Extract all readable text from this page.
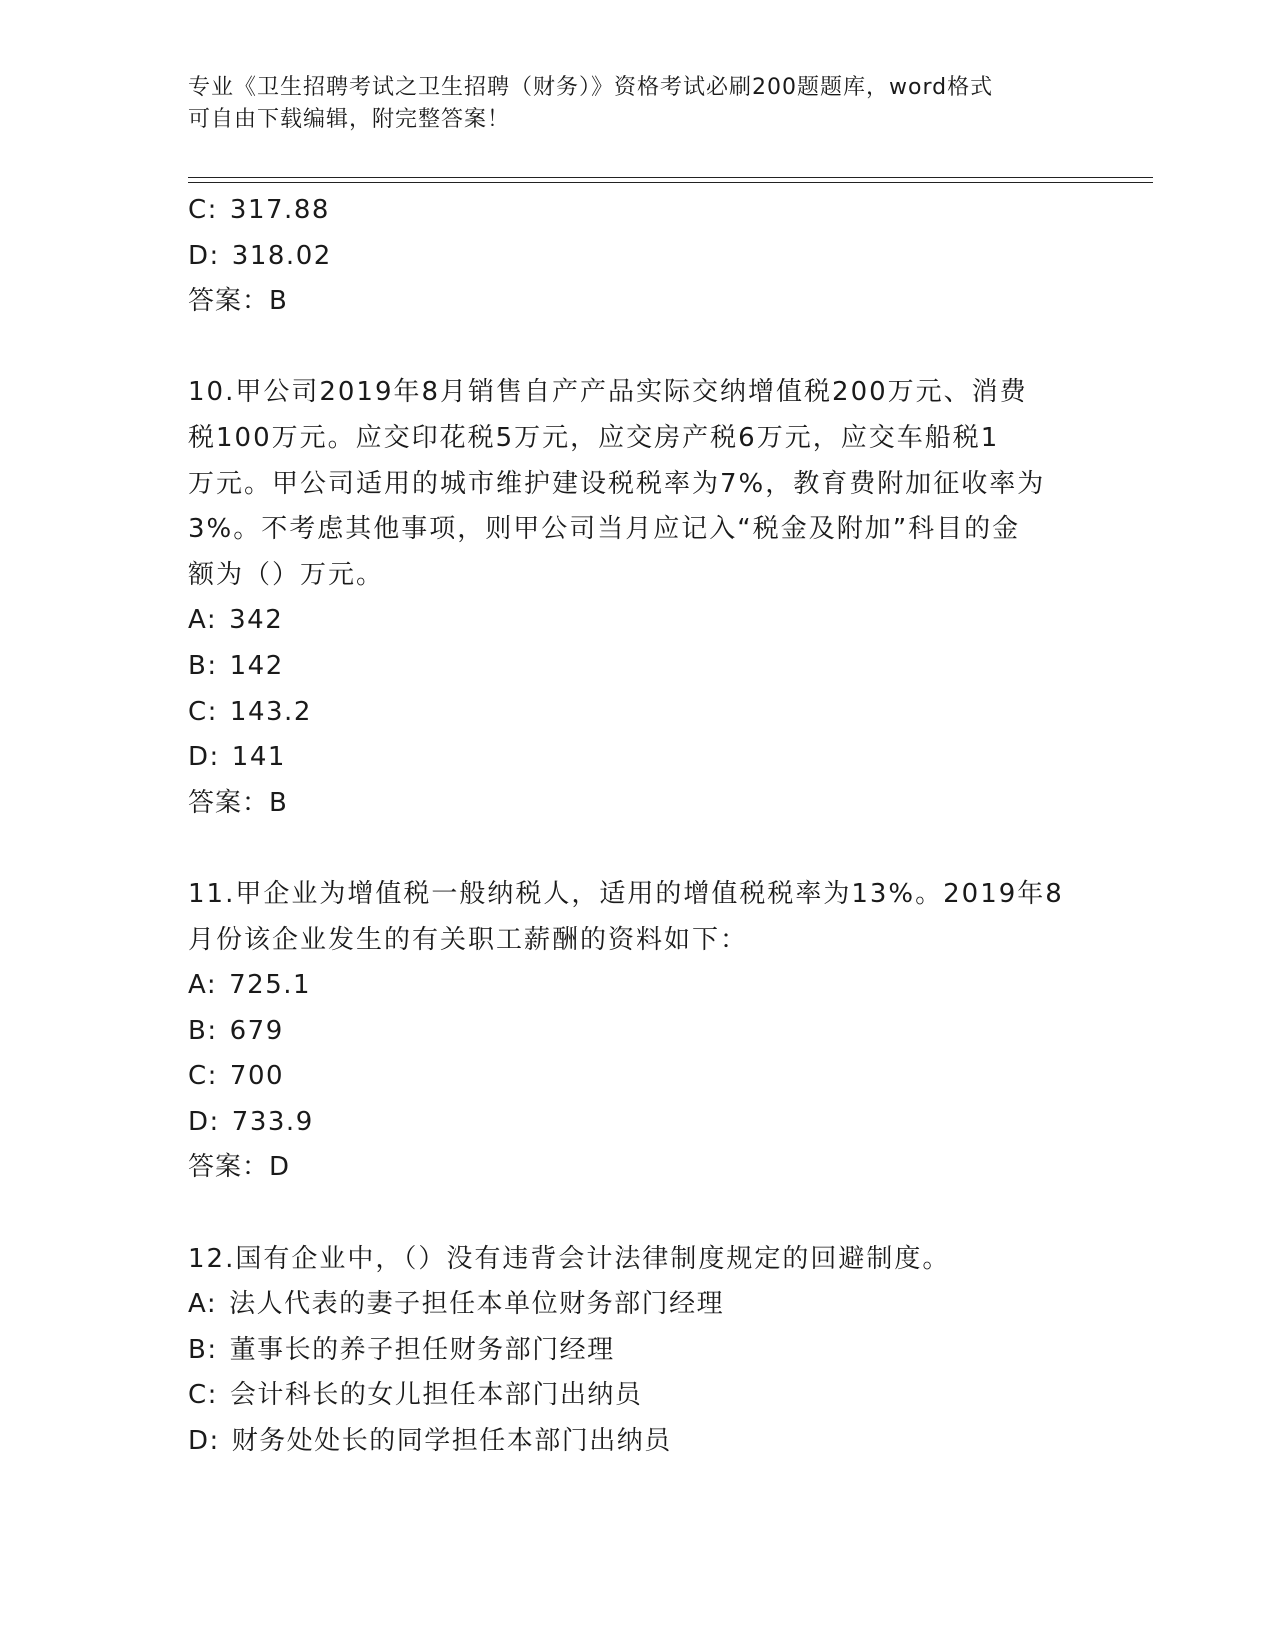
专业《卫生招聘考试之卫生招聘（财务）》资格考试必刷200题题库，word格式
可自由下载编辑，附完整答案！
C: 317.88
D: 318.02
答案：B
10.甲公司2019年8月销售自产产品实际交纳增值税200万元、消费
税100万元。应交印花税5万元，应交房产税6万元，应交车船税1
万元。甲公司适用的城市维护建设税税率为7%，教育费附加征收率为
3%。不考虑其他事项，则甲公司当月应记入“税金及附加”科目的金
额为（）万元。
A: 342
B: 142
C: 143.2
D: 141
答案：B
11.甲企业为增值税一般纳税人，适用的增值税税率为13%。2019年8
月份该企业发生的有关职工薪酬的资料如下：
A: 725.1
B: 679
C: 700
D: 733.9
答案：D
12.国有企业中，（）没有违背会计法律制度规定的回避制度。
A: 法人代表的妻子担任本单位财务部门经理
B: 董事长的养子担任财务部门经理
C: 会计科长的女儿担任本部门出纳员
D: 财务处处长的同学担任本部门出纳员
